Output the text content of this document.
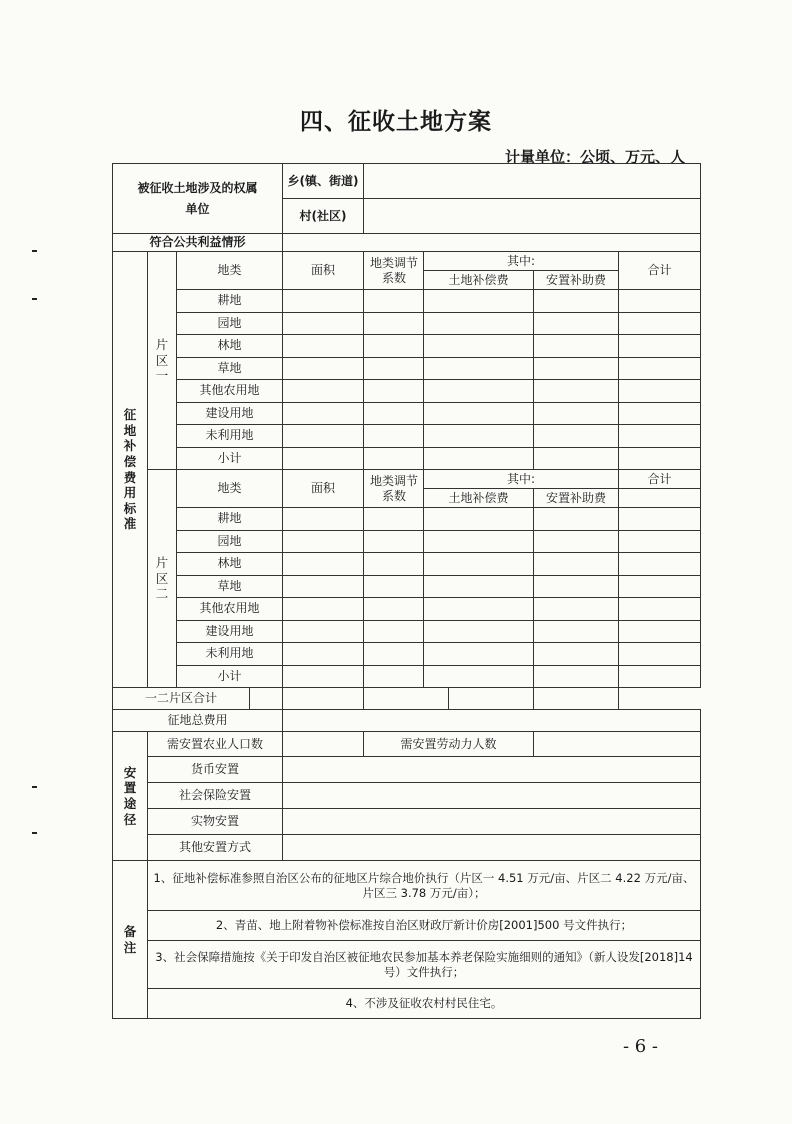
四、征收土地方案
计量单位：公顷、万元、人
被征收土地涉及的权属单位				乡(镇、街道)					
				村(社区)					
符合公共利益情形									

征地补偿费用标准	片区一	地类		面积	地类调节系数	其中:			合计
						土地补偿费		安置补助费	
		耕地							
		园地							
		林地							
		草地							
		其他农用地							
		建设用地							
		未利用地							
		小计							

	片区二	地类		面积	地类调节系数	其中:			合计
						土地补偿费		安置补助费	
		耕地							
		园地							
		林地							
		草地							
		其他农用地							
		建设用地							
		未利用地							
		小计							
一二片区合计									
征地总费用									

安置途径	需安置农业人口数				需安置劳动力人数				
	货币安置								
	社会保险安置								
	实物安置								
	其他安置方式								

备注	1、征地补偿标准参照自治区公布的征地区片综合地价执行（片区一 4.51 万元/亩、片区二 4.22 万元/亩、片区三 3.78 万元/亩）；								
	2、青苗、地上附着物补偿标准按自治区财政厅新计价房[2001]500 号文件执行；								
	3、社会保障措施按《关于印发自治区被征地农民参加基本养老保险实施细则的通知》（新人设发[2018]14 号）文件执行；								
	4、不涉及征收农村村民住宅。								
- 6 -
